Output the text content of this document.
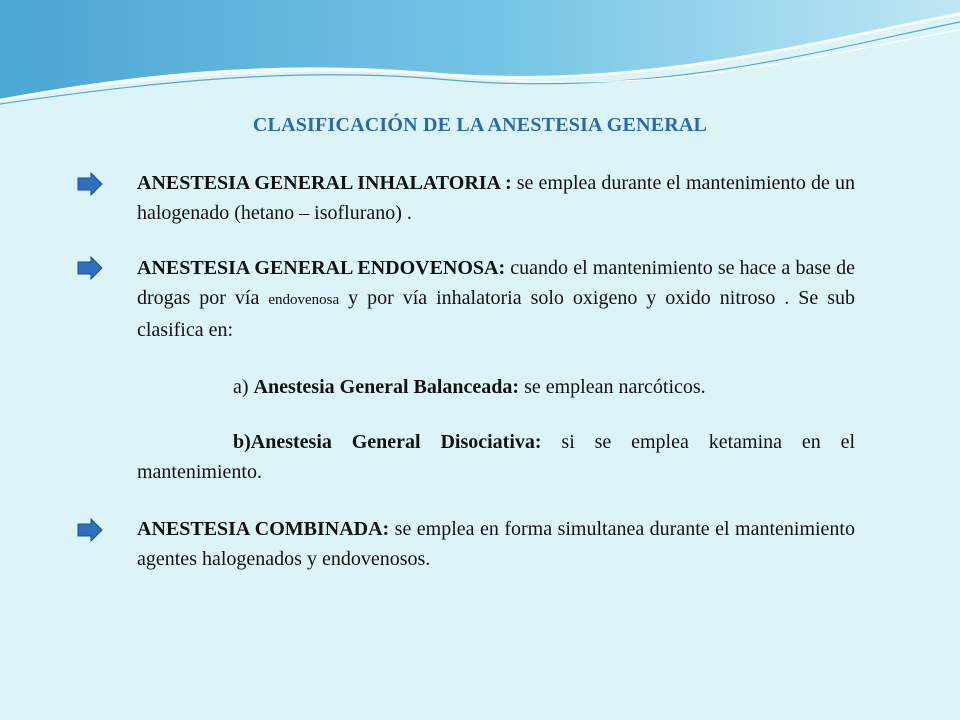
CLASIFICACIÓN DE LA ANESTESIA GENERAL
ANESTESIA GENERAL INHALATORIA : se emplea durante el mantenimiento de un halogenado (hetano – isoflurano) .
ANESTESIA GENERAL ENDOVENOSA: cuando el mantenimiento se hace a base de drogas por vía endovenosa y por vía inhalatoria solo oxigeno y oxido nitroso . Se sub clasifica en:
a) Anestesia General Balanceada: se emplean narcóticos.
b)Anestesia General Disociativa: si se emplea ketamina en el mantenimiento.
ANESTESIA COMBINADA: se emplea en forma simultanea durante el mantenimiento agentes halogenados y endovenosos.
